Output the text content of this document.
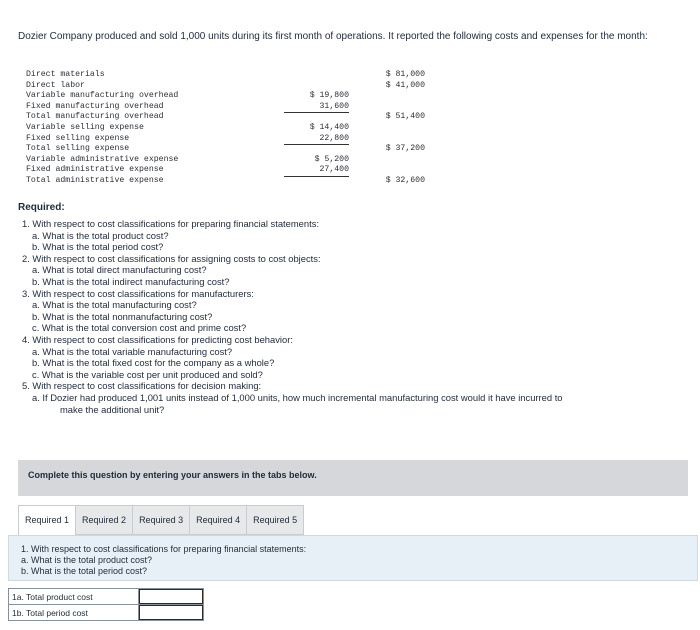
Dozier Company produced and sold 1,000 units during its first month of operations. It reported the following costs and expenses for the month:
Direct materials	$ 81,000
Direct labor	$ 41,000
Variable manufacturing overhead	$ 19,800
Fixed manufacturing overhead	31,600
Total manufacturing overhead	$ 51,400
Variable selling expense	$ 14,400
Fixed selling expense	22,800
Total selling expense	$ 37,200
Variable administrative expense	$ 5,200
Fixed administrative expense	27,400
Total administrative expense	$ 32,600
Required:
1. With respect to cost classifications for preparing financial statements:
a. What is the total product cost?
b. What is the total period cost?
2. With respect to cost classifications for assigning costs to cost objects:
a. What is total direct manufacturing cost?
b. What is the total indirect manufacturing cost?
3. With respect to cost classifications for manufacturers:
a. What is the total manufacturing cost?
b. What is the total nonmanufacturing cost?
c. What is the total conversion cost and prime cost?
4. With respect to cost classifications for predicting cost behavior:
a. What is the total variable manufacturing cost?
b. What is the total fixed cost for the company as a whole?
c. What is the variable cost per unit produced and sold?
5. With respect to cost classifications for decision making:
a. If Dozier had produced 1,001 units instead of 1,000 units, how much incremental manufacturing cost would it have incurred to
make the additional unit?
Complete this question by entering your answers in the tabs below.
Required 1	Required 2	Required 3	Required 4	Required 5
1. With respect to cost classifications for preparing financial statements:
a. What is the total product cost?
b. What is the total period cost?
1a. Total product cost	
1b. Total period cost	
